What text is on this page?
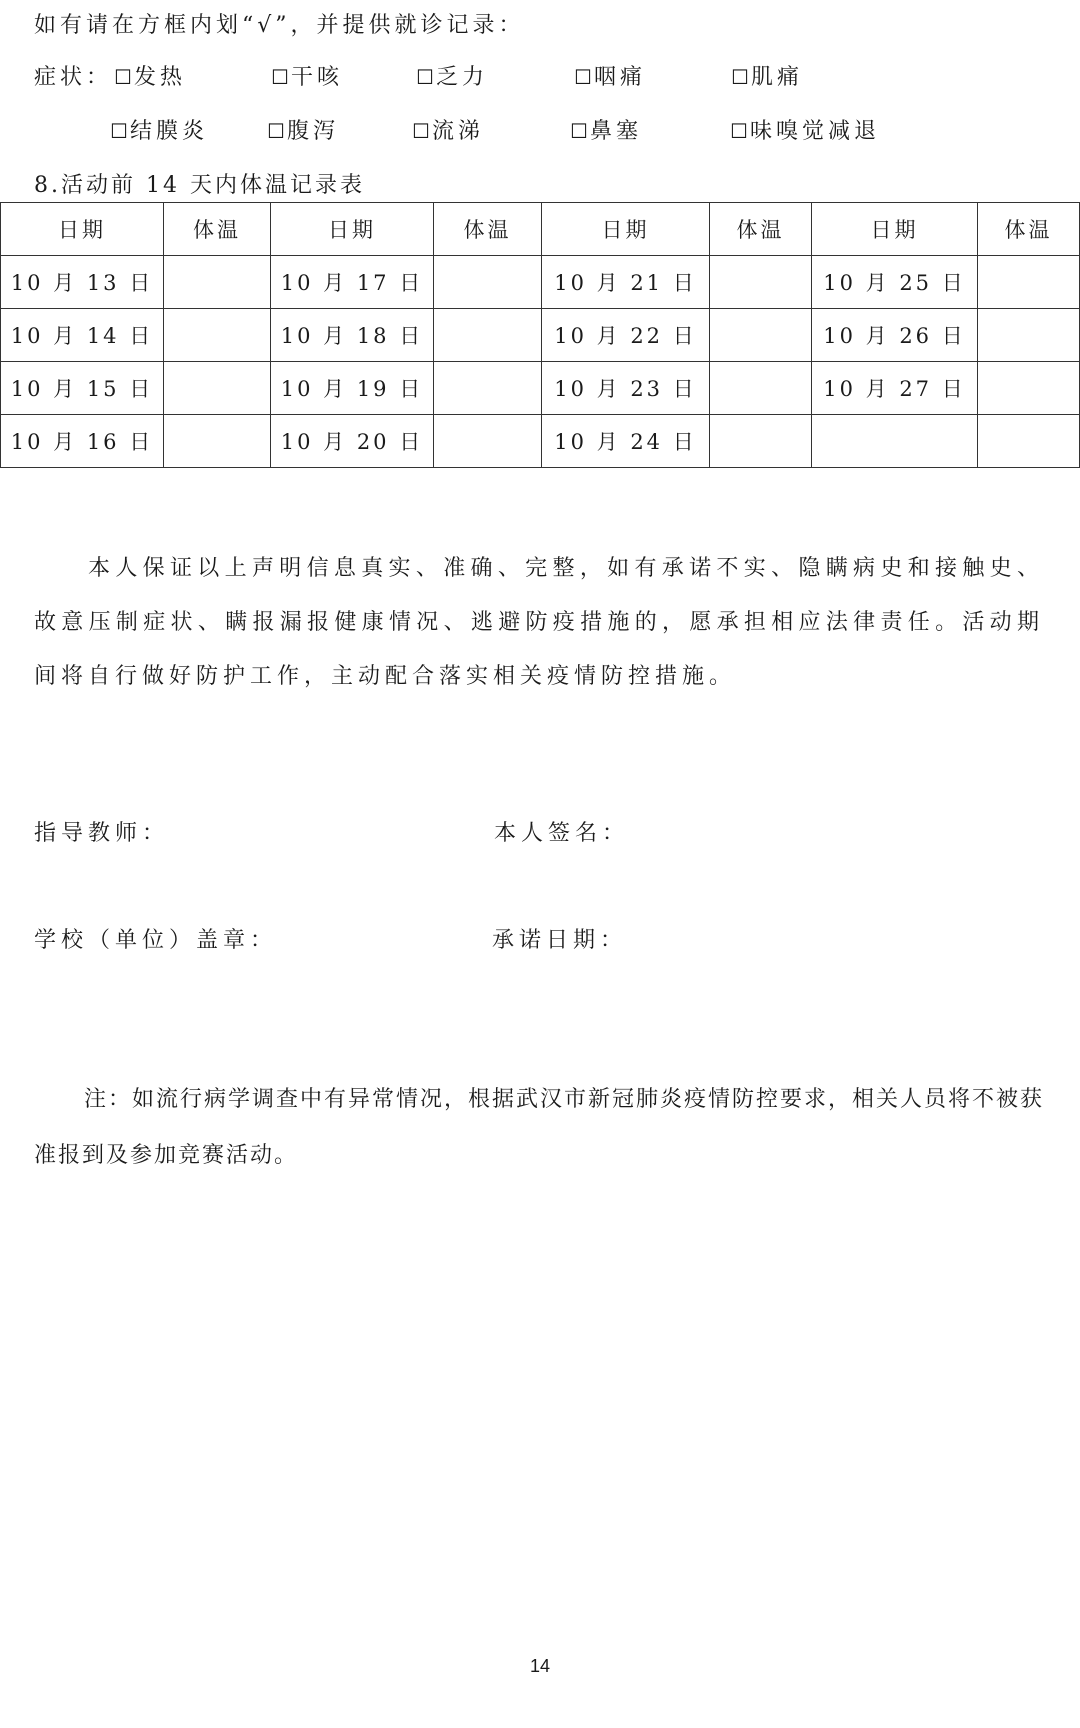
如有请在方框内划“√”，并提供就诊记录：
症状： ☐发热	☐干咳	☐乏力	☐咽痛	☐肌痛
☐结膜炎	☐腹泻	☐流涕	☐鼻塞	☐味嗅觉减退
8.活动前 14 天内体温记录表
日期	体温	日期	体温	日期	体温	日期	体温
10 月 13 日		10 月 17 日		10 月 21 日		10 月 25 日	
10 月 14 日		10 月 18 日		10 月 22 日		10 月 26 日	
10 月 15 日		10 月 19 日		10 月 23 日		10 月 27 日	
10 月 16 日		10 月 20 日		10 月 24 日			

本人保证以上声明信息真实、准确、完整，如有承诺不实、隐瞒病史和接触史、故意压制症状、瞒报漏报健康情况、逃避防疫措施的，愿承担相应法律责任。活动期间将自行做好防护工作，主动配合落实相关疫情防控措施。

指导教师：	本人签名：
学校（单位）盖章：	承诺日期：

注：如流行病学调查中有异常情况，根据武汉市新冠肺炎疫情防控要求，相关人员将不被获准报到及参加竞赛活动。

14
